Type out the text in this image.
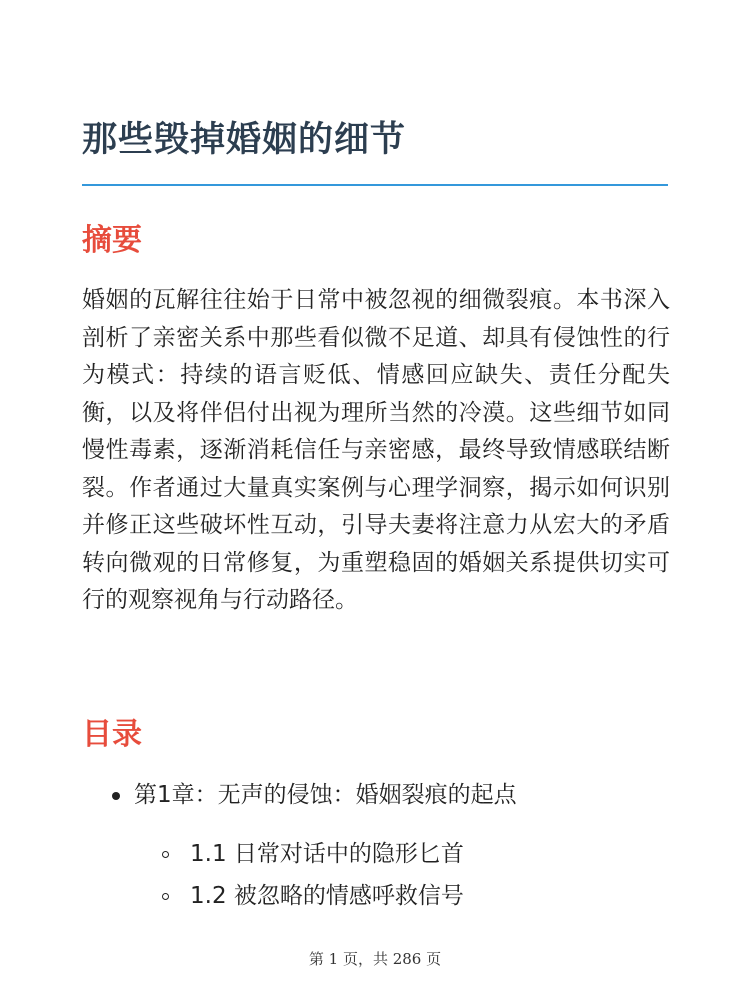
那些毁掉婚姻的细节
摘要

婚姻的瓦解往往始于日常中被忽视的细微裂痕。本书深入剖析了亲密关系中那些看似微不足道、却具有侵蚀性的行为模式：持续的语言贬低、情感回应缺失、责任分配失衡，以及将伴侣付出视为理所当然的冷漠。这些细节如同慢性毒素，逐渐消耗信任与亲密感，最终导致情感联结断裂。作者通过大量真实案例与心理学洞察，揭示如何识别并修正这些破坏性互动，引导夫妻将注意力从宏大的矛盾转向微观的日常修复，为重塑稳固的婚姻关系提供切实可行的观察视角与行动路径。

目录
第1章：无声的侵蚀：婚姻裂痕的起点
1.1 日常对话中的隐形匕首
1.2 被忽略的情感呼救信号
第 1 页，共 286 页
